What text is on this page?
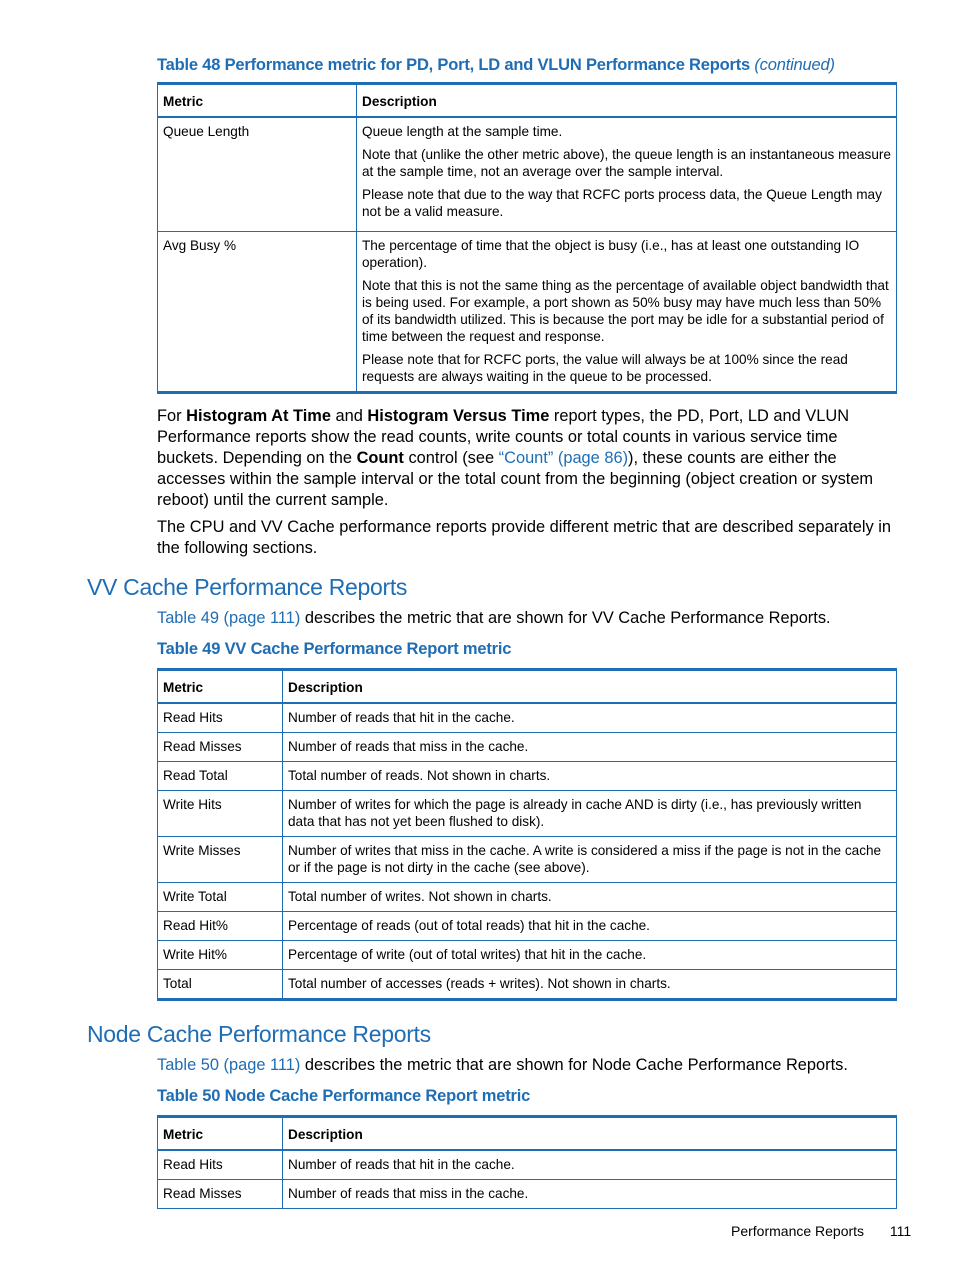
Table 48 Performance metric for PD, Port, LD and VLUN Performance Reports (continued)
Metric	Description
Queue Length	Queue length at the sample time.

Note that (unlike the other metric above), the queue length is an instantaneous measure at the sample time, not an average over the sample interval.

Please note that due to the way that RCFC ports process data, the Queue Length may not be a valid measure.

Avg Busy %	The percentage of time that the object is busy (i.e., has at least one outstanding IO operation).

Note that this is not the same thing as the percentage of available object bandwidth that is being used. For example, a port shown as 50% busy may have much less than 50% of its bandwidth utilized. This is because the port may be idle for a substantial period of time between the request and response.

Please note that for RCFC ports, the value will always be at 100% since the read requests are always waiting in the queue to be processed.

For Histogram At Time and Histogram Versus Time report types, the PD, Port, LD and VLUN Performance reports show the read counts, write counts or total counts in various service time buckets. Depending on the Count control (see “Count” (page 86)), these counts are either the accesses within the sample interval or the total count from the beginning (object creation or system reboot) until the current sample.
The CPU and VV Cache performance reports provide different metric that are described separately in the following sections.
VV Cache Performance Reports
Table 49 (page 111) describes the metric that are shown for VV Cache Performance Reports.
Table 49 VV Cache Performance Report metric
Metric	Description
Read Hits	Number of reads that hit in the cache.
Read Misses	Number of reads that miss in the cache.
Read Total	Total number of reads. Not shown in charts.
Write Hits	Number of writes for which the page is already in cache AND is dirty (i.e., has previously written data that has not yet been flushed to disk).
Write Misses	Number of writes that miss in the cache. A write is considered a miss if the page is not in the cache or if the page is not dirty in the cache (see above).
Write Total	Total number of writes. Not shown in charts.
Read Hit%	Percentage of reads (out of total reads) that hit in the cache.
Write Hit%	Percentage of write (out of total writes) that hit in the cache.
Total	Total number of accesses (reads + writes). Not shown in charts.
Node Cache Performance Reports
Table 50 (page 111) describes the metric that are shown for Node Cache Performance Reports.
Table 50 Node Cache Performance Report metric
Metric	Description
Read Hits	Number of reads that hit in the cache.
Read Misses	Number of reads that miss in the cache.
Performance Reports 111
